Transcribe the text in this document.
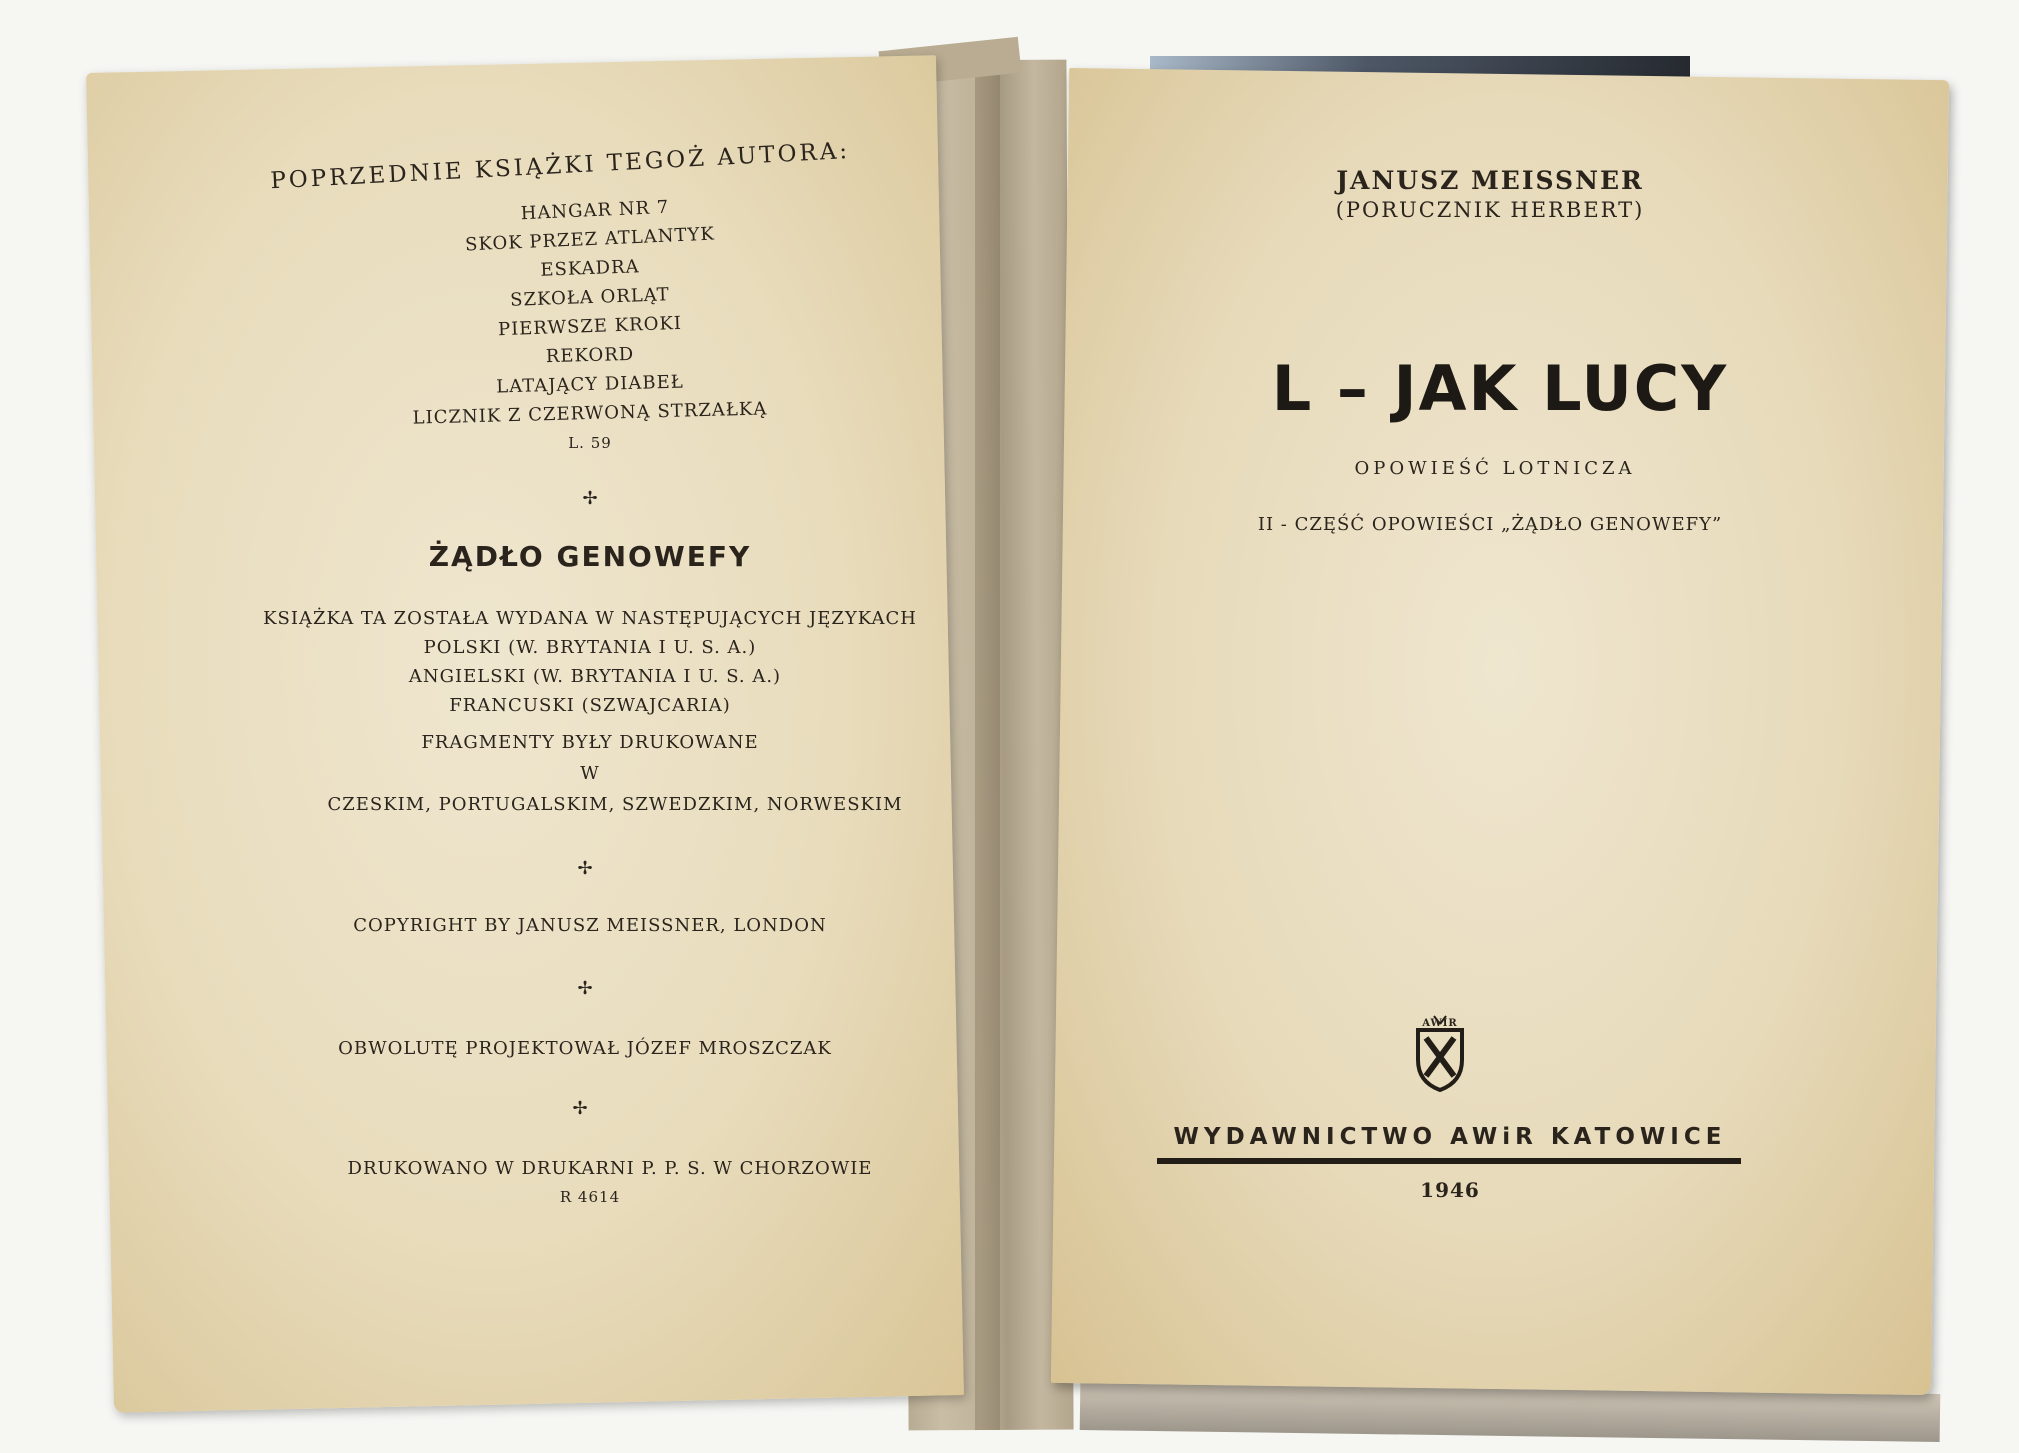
POPRZEDNIE KSIĄŻKI TEGOŻ AUTORA:
HANGAR NR 7
SKOK PRZEZ ATLANTYK
ESKADRA
SZKOŁA ORLĄT
PIERWSZE KROKI
REKORD
LATAJĄCY DIABEŁ
LICZNIK Z CZERWONĄ STRZAŁKĄ
L. 59
✢
ŻĄDŁO GENOWEFY
KSIĄŻKA TA ZOSTAŁA WYDANA W NASTĘPUJĄCYCH JĘZYKACH
POLSKI (W. BRYTANIA I U. S. A.)
ANGIELSKI (W. BRYTANIA I U. S. A.)
FRANCUSKI (SZWAJCARIA)
FRAGMENTY BYŁY DRUKOWANE
W
CZESKIM, PORTUGALSKIM, SZWEDZKIM, NORWESKIM
✢
COPYRIGHT BY JANUSZ MEISSNER, LONDON
✢
OBWOLUTĘ PROJEKTOWAŁ JÓZEF MROSZCZAK
✢
DRUKOWANO W DRUKARNI P. P. S. W CHORZOWIE
R 4614
JANUSZ MEISSNER
(PORUCZNIK HERBERT)
L – JAK LUCY
OPOWIEŚĆ LOTNICZA
II - CZĘŚĆ OPOWIEŚCI „ŻĄDŁO GENOWEFY”
AWIR
WYDAWNICTWO AWiR KATOWICE
1946
